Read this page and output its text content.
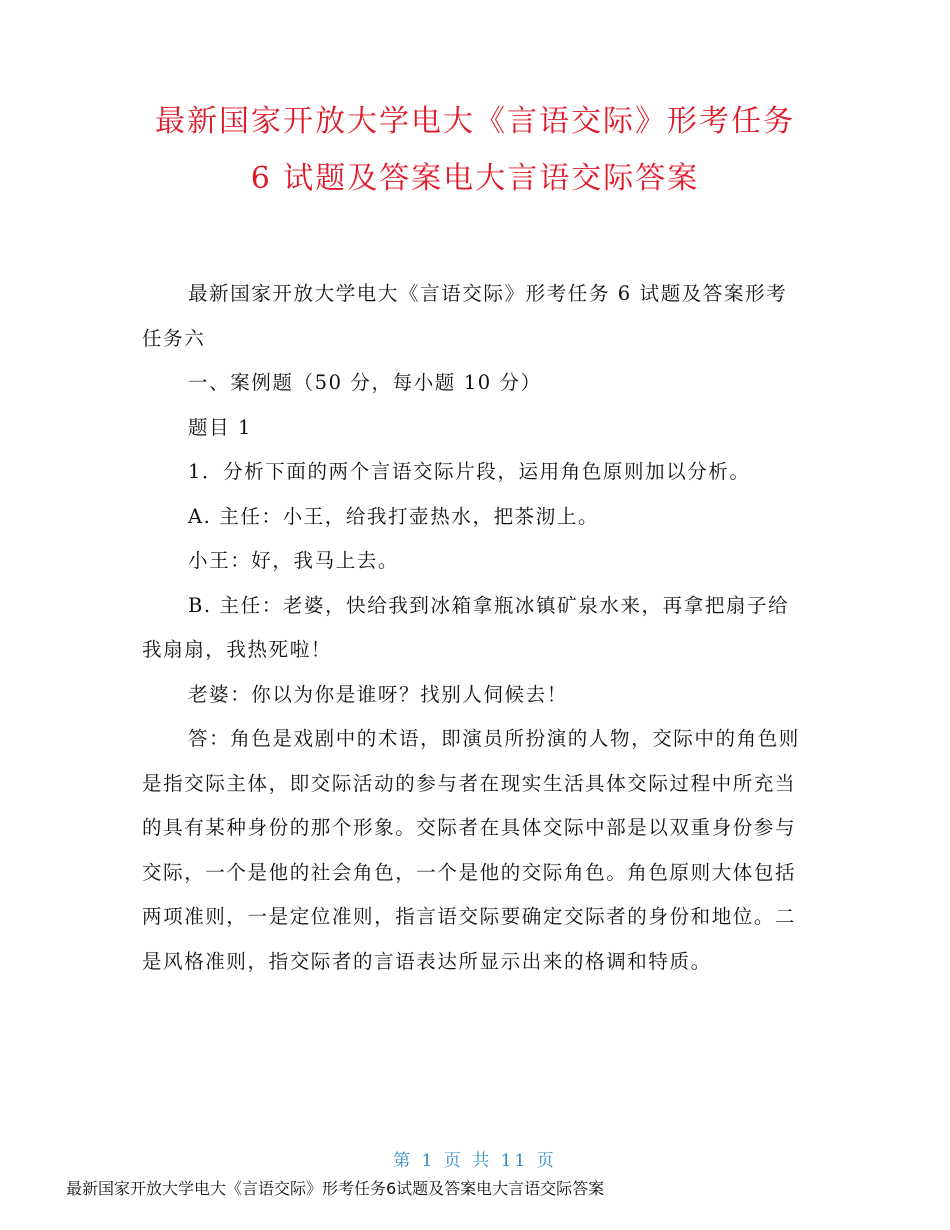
最新国家开放大学电大《言语交际》形考任务
6 试题及答案电大言语交际答案

最新国家开放大学电大《言语交际》形考任务 6 试题及答案形考任务六

一、案例题（50 分，每小题 10 分）

题目 1

1．分析下面的两个言语交际片段，运用角色原则加以分析。

A. 主任：小王，给我打壶热水，把茶沏上。

小王：好，我马上去。

B. 主任：老婆，快给我到冰箱拿瓶冰镇矿泉水来，再拿把扇子给我扇扇，我热死啦！

老婆：你以为你是谁呀？找别人伺候去！

答：角色是戏剧中的术语，即演员所扮演的人物，交际中的角色则是指交际主体，即交际活动的参与者在现实生活具体交际过程中所充当的具有某种身份的那个形象。交际者在具体交际中部是以双重身份参与交际，一个是他的社会角色，一个是他的交际角色。角色原则大体包括两项准则，一是定位准则，指言语交际要确定交际者的身份和地位。二是风格准则，指交际者的言语表达所显示出来的格调和特质。

第 1 页 共 11 页
最新国家开放大学电大《言语交际》形考任务6试题及答案电大言语交际答案
